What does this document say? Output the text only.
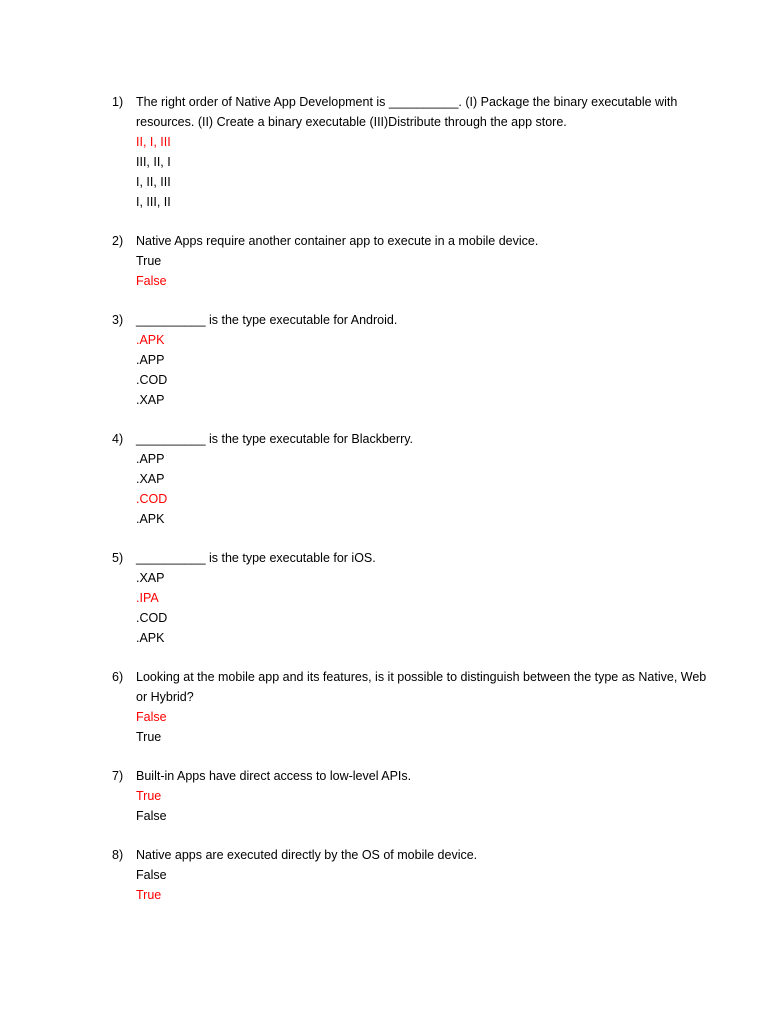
1)	The right order of Native App Development is __________. (I) Package the binary executable with resources. (II) Create a binary executable (III)Distribute through the app store.
II, I, III
III, II, I
I, II, III
I, III, II
2)	Native Apps require another container app to execute in a mobile device.
True
False
3)	__________ is the type executable for Android.
.APK
.APP
.COD
.XAP
4)	__________ is the type executable for Blackberry.
.APP
.XAP
.COD
.APK
5)	__________ is the type executable for iOS.
.XAP
.IPA
.COD
.APK
6)	Looking at the mobile app and its features, is it possible to distinguish between the type as Native, Web or Hybrid?
False
True
7)	Built-in Apps have direct access to low-level APIs.
True
False
8)	Native apps are executed directly by the OS of mobile device.
False
True
